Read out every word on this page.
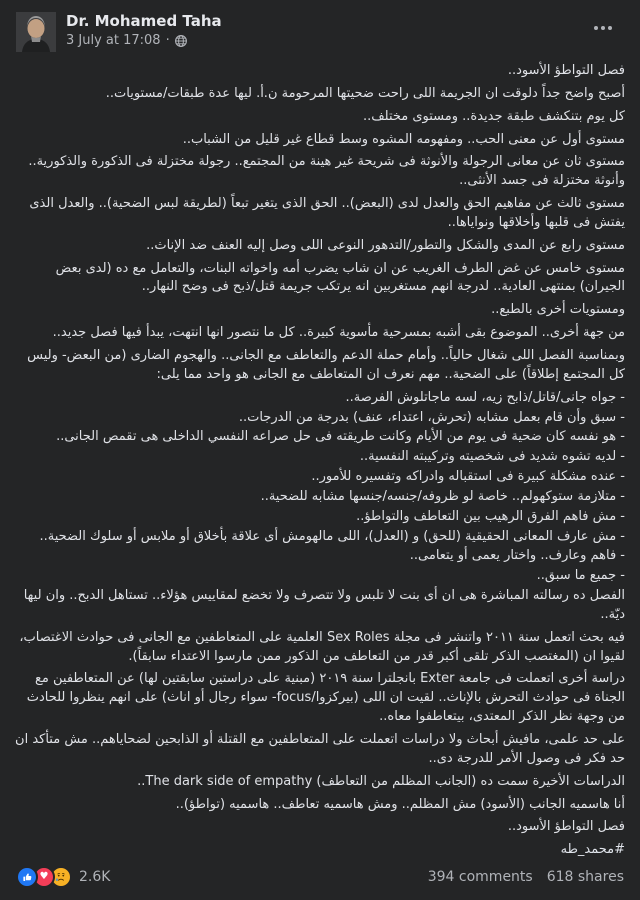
Dr. Mohamed Taha
3 July at 17:08 ·

فصل التواطؤ الأسود..

أصبح واضح جداً دلوقت ان الجريمة اللى راحت ضحيتها المرحومة ن.أ. ليها عدة طبقات/مستويات..

كل يوم بتنكشف طبقة جديدة.. ومستوى مختلف..

مستوى أول عن معنى الحب.. ومفهومه المشوه وسط قطاع غير قليل من الشباب..

مستوى ثان عن معانى الرجولة والأنوثة فى شريحة غير هينة من المجتمع.. رجولة مختزلة فى الذكورة والذكورية.. وأنوثة مختزلة فى جسد الأنثى..

مستوى ثالث عن مفاهيم الحق والعدل لدى (البعض).. الحق الذى يتغير تبعاً (لطريقة لبس الضحية).. والعدل الذى يفتش فى قلبها وأخلاقها ونواياها..

مستوى رابع عن المدى والشكل والتطور/التدهور النوعى اللى وصل إليه العنف ضد الإناث..

مستوى خامس عن غض الطرف الغريب عن ان شاب يضرب أمه واخواته البنات، والتعامل مع ده (لدى بعض الجيران) بمنتهى العادية.. لدرجة انهم مستغربين انه يرتكب جريمة قتل/ذبح فى وضح النهار..

ومستويات أخرى بالطبع..

من جهة أخرى.. الموضوع بقى أشبه بمسرحية مأسوية كبيرة.. كل ما نتصور انها انتهت، يبدأ فيها فصل جديد..

وبمناسبة الفصل اللى شغال حالياً.. وأمام حملة الدعم والتعاطف مع الجانى.. والهجوم الضارى (من البعض- وليس كل المجتمع إطلاقاً) على الضحية.. مهم نعرف ان المتعاطف مع الجانى هو واحد مما يلى:

- جواه جانى/قاتل/ذابح زيه، لسه ماجاتلوش الفرصة..

- سبق وأن قام بعمل مشابه (تحرش، اعتداء، عنف) بدرجة من الدرجات..

- هو نفسه كان ضحية فى يوم من الأيام وكانت طريقته فى حل صراعه النفسي الداخلى هى تقمص الجانى..

- لديه تشوه شديد فى شخصيته وتركيبته النفسية..

- عنده مشكلة كبيرة فى استقباله وادراكه وتفسيره للأمور..

- متلازمة ستوكهولم.. خاصة لو ظروفه/جنسه/جنسها مشابه للضحية..

- مش فاهم الفرق الرهيب بين التعاطف والتواطؤ..

- مش عارف المعانى الحقيقية (للحق) و (العدل)، اللى مالهومش أى علاقة بأخلاق أو ملابس أو سلوك الضحية..

- فاهم وعارف.. واختار يعمى أو يتعامى..

- جميع ما سبق..

الفصل ده رسالته المباشرة هى ان أى بنت لا تلبس ولا تتصرف ولا تخضع لمقاييس هؤلاء.. تستاهل الدبح.. وان ليها ديّة..

فيه بحث اتعمل سنة ٢٠١١ واتنشر فى مجلة Sex Roles العلمية على المتعاطفين مع الجانى فى حوادث الاغتصاب، لقيوا ان (المغتصب الذكر تلقى أكبر قدر من التعاطف من الذكور ممن مارسوا الاعتداء سابقاً).

دراسة أخرى اتعملت فى جامعة Exter بانجلترا سنة ٢٠١٩ (مبنية على دراستين سابقتين لها) عن المتعاطفين مع الجناة فى حوادث التحرش بالإناث.. لقيت ان اللى (بيركزوا/focus- سواء رجال أو اناث) على انهم ينظروا للحادث من وجهة نظر الذكر المعتدى، بيتعاطفوا معاه..

على حد علمى، مافيش أبحاث ولا دراسات اتعملت على المتعاطفين مع القتلة أو الذابحين لضحاياهم.. مش متأكد ان حد فكر فى وصول الأمر للدرجة دى..

الدراسات الأخيرة سمت ده (الجانب المظلم من التعاطف) The dark side of empathy..

أنا هاسميه الجانب (الأسود) مش المظلم.. ومش هاسميه تعاطف.. هاسميه (تواطؤ)..

فصل التواطؤ الأسود..

#محمد_طه

♥	2.6K	394 comments 618 shares
